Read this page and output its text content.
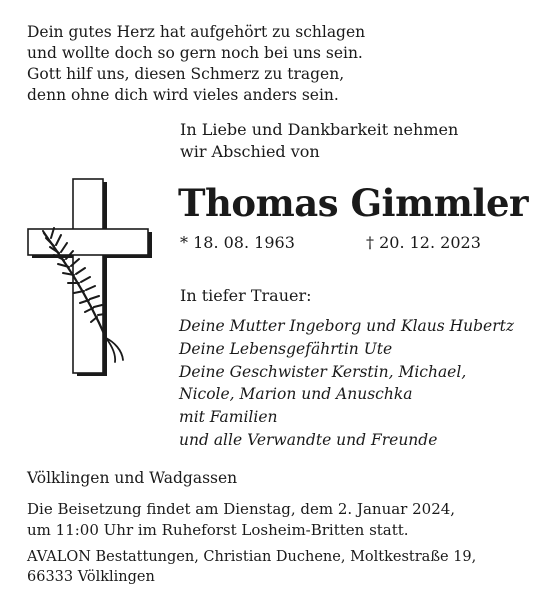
Dein gutes Herz hat aufgehört zu schlagen
und wollte doch so gern noch bei uns sein.
Gott hilf uns, diesen Schmerz zu tragen,
denn ohne dich wird vieles anders sein.
In Liebe und Dankbarkeit nehmen
wir Abschied von
Thomas Gimmler
* 18. 08. 1963	† 20. 12. 2023
In tiefer Trauer:
Deine Mutter Ingeborg und Klaus Hubertz
Deine Lebensgefährtin Ute
Deine Geschwister Kerstin, Michael,
Nicole, Marion und Anuschka
mit Familien
und alle Verwandte und Freunde
Völklingen und Wadgassen
Die Beisetzung findet am Dienstag, dem 2. Januar 2024,
um 11:00 Uhr im Ruheforst Losheim-Britten statt.
AVALON Bestattungen, Christian Duchene, Moltkestraße 19,
66333 Völklingen
